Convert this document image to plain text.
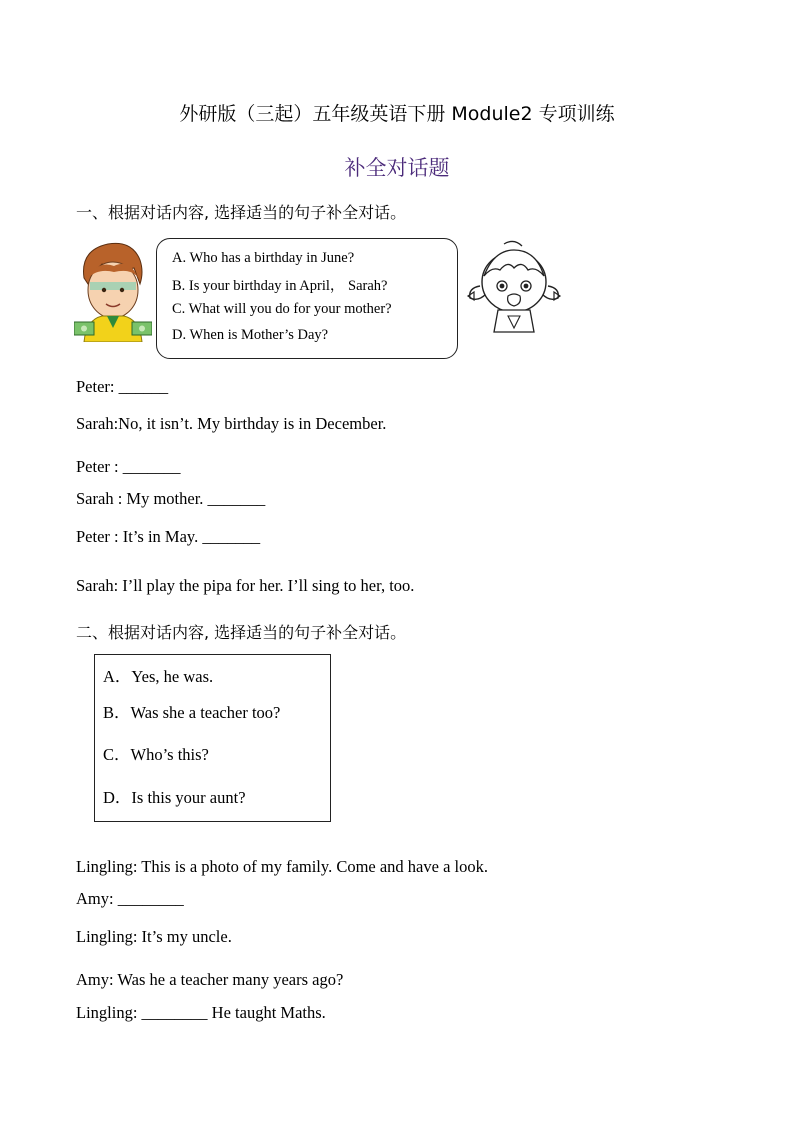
外研版（三起）五年级英语下册 Module2 专项训练
补全对话题
一、根据对话内容, 选择适当的句子补全对话。
A. Who has a birthday in June?
B. Is your birthday in April， Sarah?
C. What will you do for your mother?
D. When is Mother’s Day?
Peter: ______
Sarah:No, it isn’t. My birthday is in December.
Peter : _______
Sarah : My mother. _______
Peter : It’s in May. _______
Sarah: I’ll play the pipa for her. I’ll sing to her, too.
二、根据对话内容, 选择适当的句子补全对话。
A．Yes, he was.
B．Was she a teacher too?
C．Who’s this?
D．Is this your aunt?
Lingling: This is a photo of my family. Come and have a look.
Amy: ________
Lingling: It’s my uncle.
Amy: Was he a teacher many years ago?
Lingling: ________ He taught Maths.
